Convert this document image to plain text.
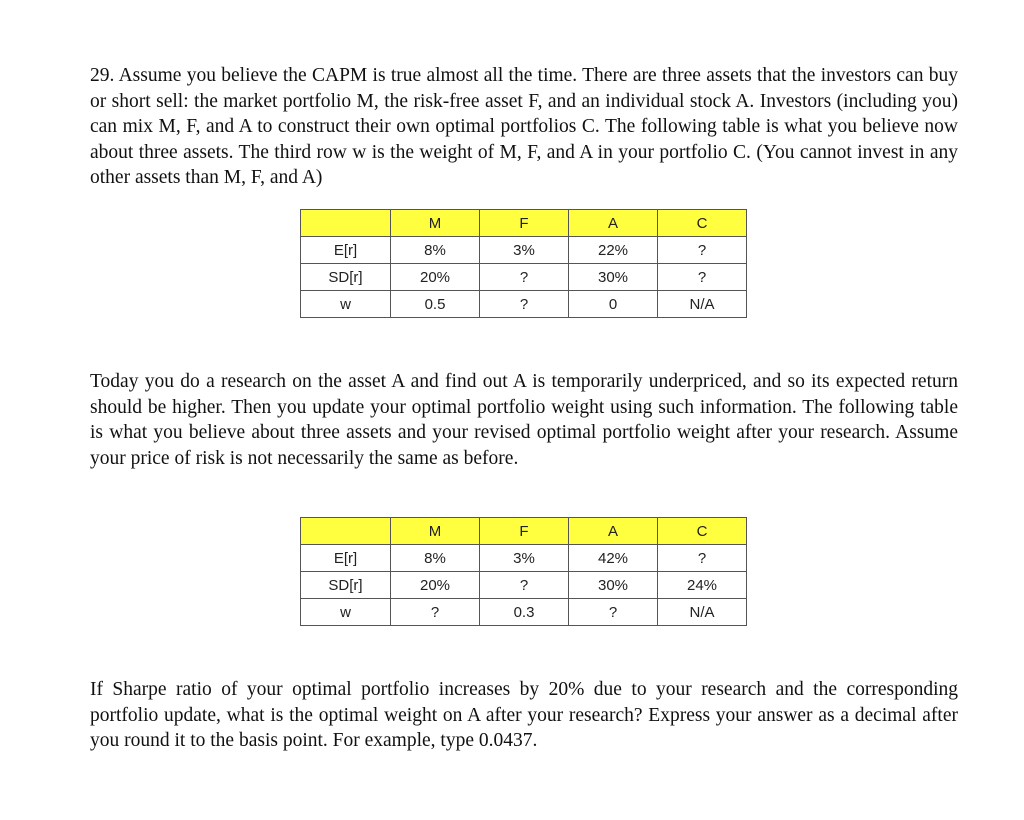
29. Assume you believe the CAPM is true almost all the time. There are three assets that the investors can buy or short sell: the market portfolio M, the risk-free asset F, and an individual stock A. Investors (including you) can mix M, F, and A to construct their own optimal portfolios C. The following table is what you believe now about three assets. The third row w is the weight of M, F, and A in your portfolio C. (You cannot invest in any other assets than M, F, and A)

	M	F	A	C
E[r]	8%	3%	22%	?
SD[r]	20%	?	30%	?
w	0.5	?	0	N/A

Today you do a research on the asset A and find out A is temporarily underpriced, and so its expected return should be higher. Then you update your optimal portfolio weight using such information. The following table is what you believe about three assets and your revised optimal portfolio weight after your research. Assume your price of risk is not necessarily the same as before.

	M	F	A	C
E[r]	8%	3%	42%	?
SD[r]	20%	?	30%	24%
w	?	0.3	?	N/A

If Sharpe ratio of your optimal portfolio increases by 20% due to your research and the corresponding portfolio update, what is the optimal weight on A after your research? Express your answer as a decimal after you round it to the basis point. For example, type 0.0437.
